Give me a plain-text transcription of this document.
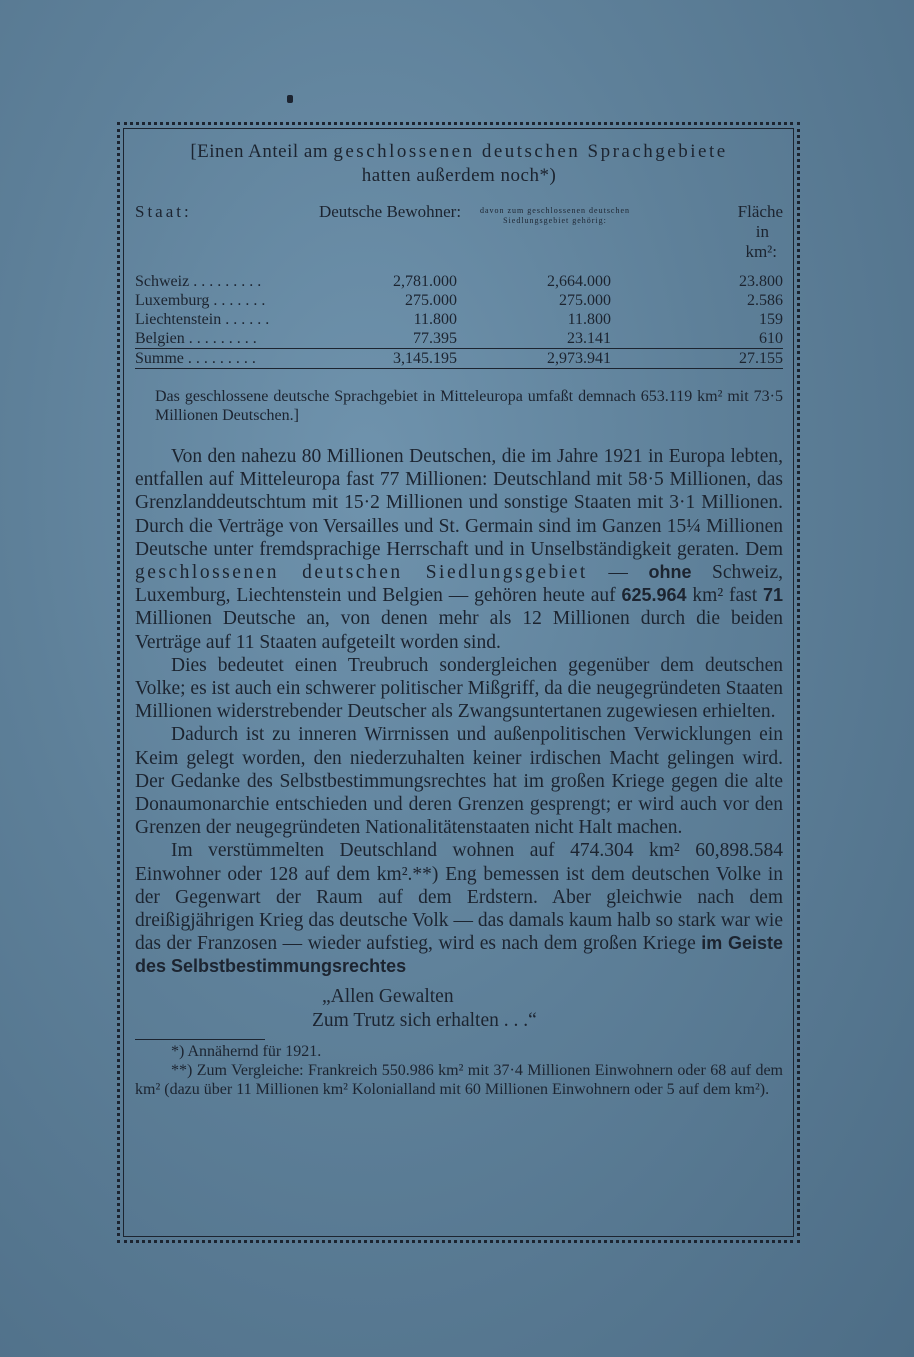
[Einen Anteil am geschlossenen deutschen Sprachgebiete
hatten außerdem noch*)
Staat:	Deutsche Bewohner:	davon zum geschlossenen deutschen Siedlungsgebiet gehörig:	Fläche
in
km²:

Schweiz . . . . . . . . .	2,781.000	2,664.000	23.800
Luxemburg . . . . . . .	275.000	275.000	2.586
Liechtenstein . . . . . .	11.800	11.800	159
Belgien . . . . . . . . .	77.395	23.141	610
Summe . . . . . . . . .	3,145.195	2,973.941	27.155
Das geschlossene deutsche Sprachgebiet in Mitteleuropa umfaßt demnach 653.119 km² mit 73·5 Millionen Deutschen.]

Von den nahezu 80 Millionen Deutschen, die im Jahre 1921 in Europa lebten, entfallen auf Mitteleuropa fast 77 Millionen: Deutschland mit 58·5 Millionen, das Grenzlanddeutschtum mit 15·2 Millionen und sonstige Staaten mit 3·1 Millionen. Durch die Verträge von Versailles und St. Germain sind im Ganzen 15¼ Millionen Deutsche unter fremdsprachige Herrschaft und in Unselbständigkeit geraten. Dem geschlossenen deutschen Siedlungsgebiet — ohne Schweiz, Luxemburg, Liechtenstein und Belgien — gehören heute auf 625.964 km² fast 71 Millionen Deutsche an, von denen mehr als 12 Millionen durch die beiden Verträge auf 11 Staaten aufgeteilt worden sind.

Dies bedeutet einen Treubruch sondergleichen gegenüber dem deutschen Volke; es ist auch ein schwerer politischer Mißgriff, da die neugegründeten Staaten Millionen widerstrebender Deutscher als Zwangsuntertanen zugewiesen erhielten.

Dadurch ist zu inneren Wirrnissen und außenpolitischen Verwicklungen ein Keim gelegt worden, den niederzuhalten keiner irdischen Macht gelingen wird. Der Gedanke des Selbstbestimmungsrechtes hat im großen Kriege gegen die alte Donaumonarchie entschieden und deren Grenzen gesprengt; er wird auch vor den Grenzen der neugegründeten Nationalitätenstaaten nicht Halt machen.

Im verstümmelten Deutschland wohnen auf 474.304 km² 60,898.584 Einwohner oder 128 auf dem km².**) Eng bemessen ist dem deutschen Volke in der Gegenwart der Raum auf dem Erdstern. Aber gleichwie nach dem dreißigjährigen Krieg das deutsche Volk — das damals kaum halb so stark war wie das der Franzosen — wieder aufstieg, wird es nach dem großen Kriege im Geiste des Selbstbestimmungsrechtes

„Allen Gewalten
Zum Trutz sich erhalten . . .“

*) Annähernd für 1921.

**) Zum Vergleiche: Frankreich 550.986 km² mit 37·4 Millionen Einwohnern oder 68 auf dem km² (dazu über 11 Millionen km² Kolonialland mit 60 Millionen Einwohnern oder 5 auf dem km²).
